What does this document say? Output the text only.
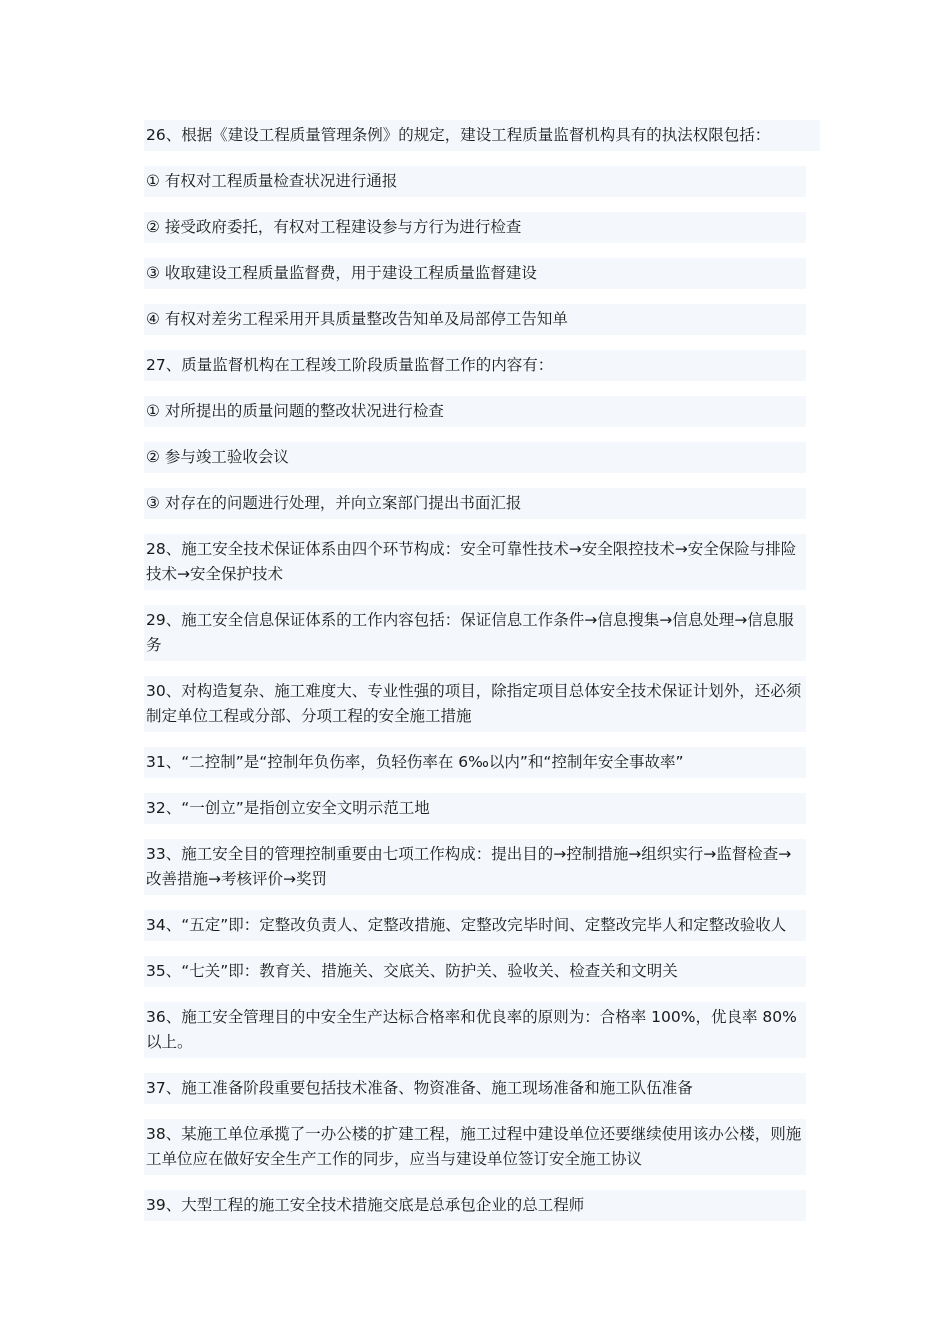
26、根据《建设工程质量管理条例》的规定，建设工程质量监督机构具有的执法权限包括：

① 有权对工程质量检查状况进行通报

② 接受政府委托，有权对工程建设参与方行为进行检查

③ 收取建设工程质量监督费，用于建设工程质量监督建设

④ 有权对差劣工程采用开具质量整改告知单及局部停工告知单

27、质量监督机构在工程竣工阶段质量监督工作的内容有：

① 对所提出的质量问题的整改状况进行检查

② 参与竣工验收会议

③ 对存在的问题进行处理，并向立案部门提出书面汇报

28、施工安全技术保证体系由四个环节构成：安全可靠性技术→安全限控技术→安全保险与排险技术→安全保护技术

29、施工安全信息保证体系的工作内容包括：保证信息工作条件→信息搜集→信息处理→信息服务

30、对构造复杂、施工难度大、专业性强的项目，除指定项目总体安全技术保证计划外，还必须制定单位工程或分部、分项工程的安全施工措施

31、“二控制”是“控制年负伤率，负轻伤率在 6‰以内”和“控制年安全事故率”

32、“一创立”是指创立安全文明示范工地

33、施工安全目的管理控制重要由七项工作构成：提出目的→控制措施→组织实行→监督检查→改善措施→考核评价→奖罚

34、“五定”即：定整改负责人、定整改措施、定整改完毕时间、定整改完毕人和定整改验收人

35、“七关”即：教育关、措施关、交底关、防护关、验收关、检查关和文明关

36、施工安全管理目的中安全生产达标合格率和优良率的原则为：合格率 100%，优良率 80%以上。

37、施工准备阶段重要包括技术准备、物资准备、施工现场准备和施工队伍准备

38、某施工单位承揽了一办公楼的扩建工程，施工过程中建设单位还要继续使用该办公楼，则施工单位应在做好安全生产工作的同步，应当与建设单位签订安全施工协议

39、大型工程的施工安全技术措施交底是总承包企业的总工程师
